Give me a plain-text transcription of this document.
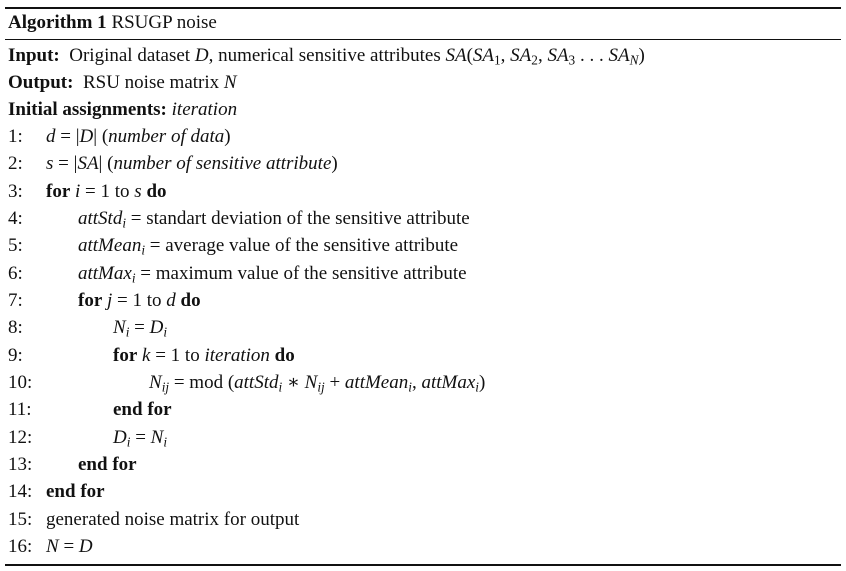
Algorithm 1 RSUGP noise
Input:  Original dataset D, numerical sensitive attributes $SA(SA_1$, $SA_2$, $SA_3$ . . . $SA_N$)
Output:  RSU noise matrix N
Initial assignments: iteration
1: d = |D| (number of data)
2: s = |SA| (number of sensitive attribute)
3: for i = 1 to s do
4:	attStd$_i$ = standart deviation of the sensitive attribute
5:	attMean$_i$ = average value of the sensitive attribute
6:	attMax$_i$ = maximum value of the sensitive attribute
7:	for j = 1 to d do
8:	$N_i = D_i$
9:	for k = 1 to iteration do
10:	$N_{ij}$ = mod (attStd$_i$ ∗ $N_{ij}$ + attMean$_i$, attMax$_i$)
11:	end for
12:	$D_i = N_i$
13: end for
14: end for
15: generated noise matrix for output
16: N = D
